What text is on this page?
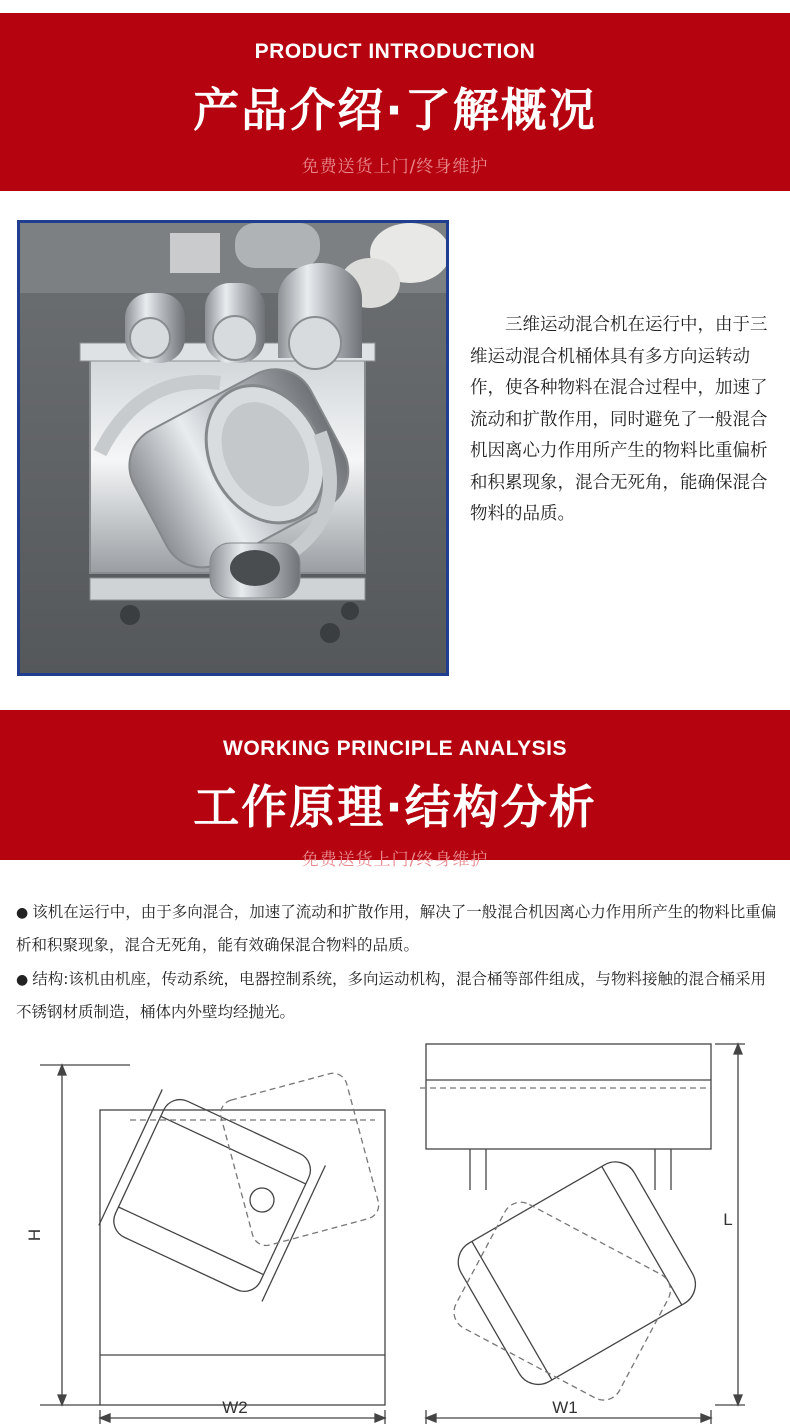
PRODUCT INTRODUCTION
产品介绍·了解概况
免费送货上门/终身维护

三维运动混合机在运行中，由于三维运动混合机桶体具有多方向运转动作，使各种物料在混合过程中，加速了流动和扩散作用，同时避免了一般混合机因离心力作用所产生的物料比重偏析和积累现象，混合无死角，能确保混合物料的品质。

WORKING PRINCIPLE ANALYSIS
工作原理·结构分析
免费送货上门/终身维护

● 该机在运行中，由于多向混合，加速了流动和扩散作用，解决了一般混合机因离心力作用所产生的物料比重偏析和积聚现象，混合无死角，能有效确保混合物料的品质。

● 结构:该机由机座，传动系统，电器控制系统，多向运动机构，混合桶等部件组成，与物料接触的混合桶采用不锈钢材质制造，桶体内外壁均经抛光。

H
W2	W1
L
